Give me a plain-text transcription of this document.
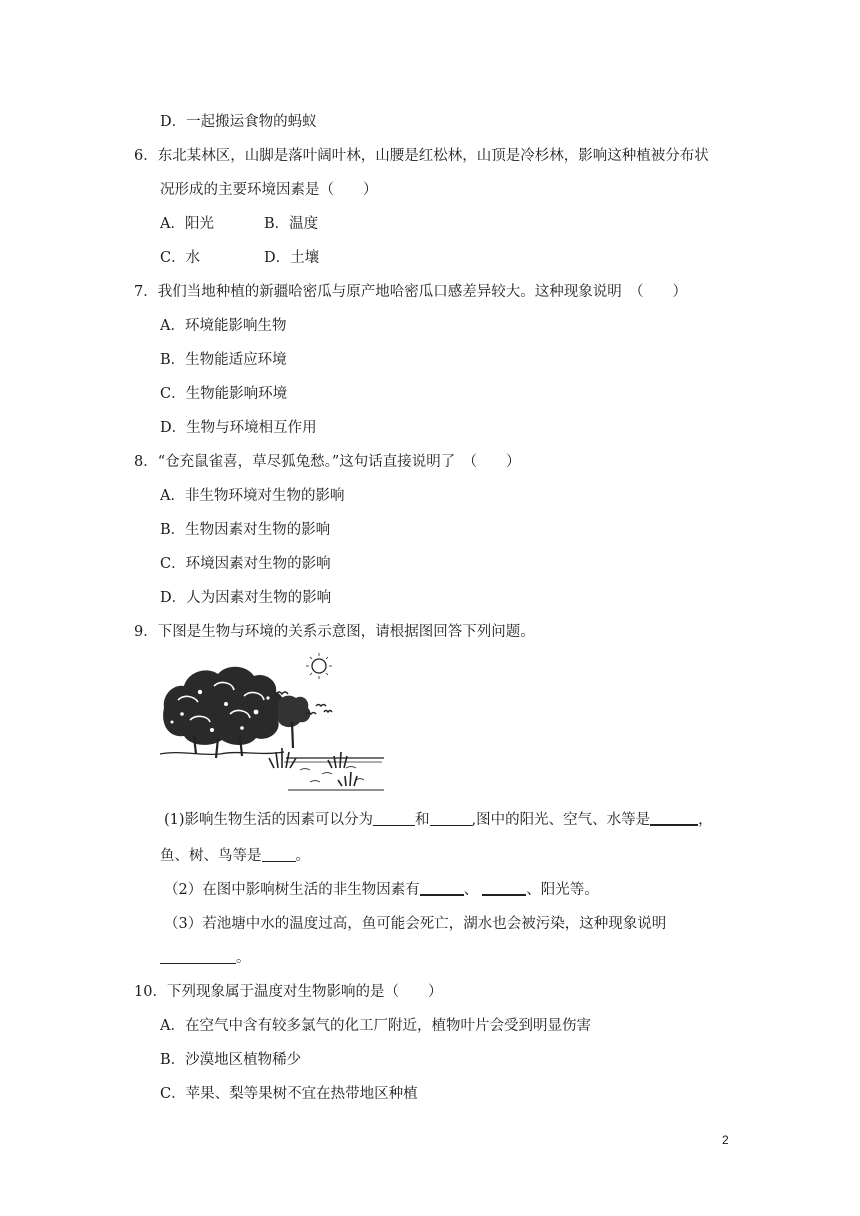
D．一起搬运食物的蚂蚁
6．东北某林区，山脚是落叶阔叶林，山腰是红松林，山顶是冷杉林，影响这种植被分布状
况形成的主要环境因素是（　　）
A．阳光	B．温度
C．水	D．土壤
7．我们当地种植的新疆哈密瓜与原产地哈密瓜口感差异较大。这种现象说明　（　　）
A．环境能影响生物
B．生物能适应环境
C．生物能影响环境
D．生物与环境相互作用
8．“仓充鼠雀喜，草尽狐兔愁。”这句话直接说明了　（　　）
A．非生物环境对生物的影响
B．生物因素对生物的影响
C．环境因素对生物的影响
D．人为因素对生物的影响
9．下图是生物与环境的关系示意图，请根据图回答下列问题。
(1)影响生物生活的因素可以分为	和	,图中的阳光、空气、水等是	，
鱼、树、鸟等是 。
（2）在图中影响树生活的非生物因素有	、	、阳光等。
（3）若池塘中水的温度过高，鱼可能会死亡，湖水也会被污染，这种现象说明
。
10．下列现象属于温度对生物影响的是（　　）
A．在空气中含有较多氯气的化工厂附近，植物叶片会受到明显伤害
B．沙漠地区植物稀少
C．苹果、梨等果树不宜在热带地区种植
2
